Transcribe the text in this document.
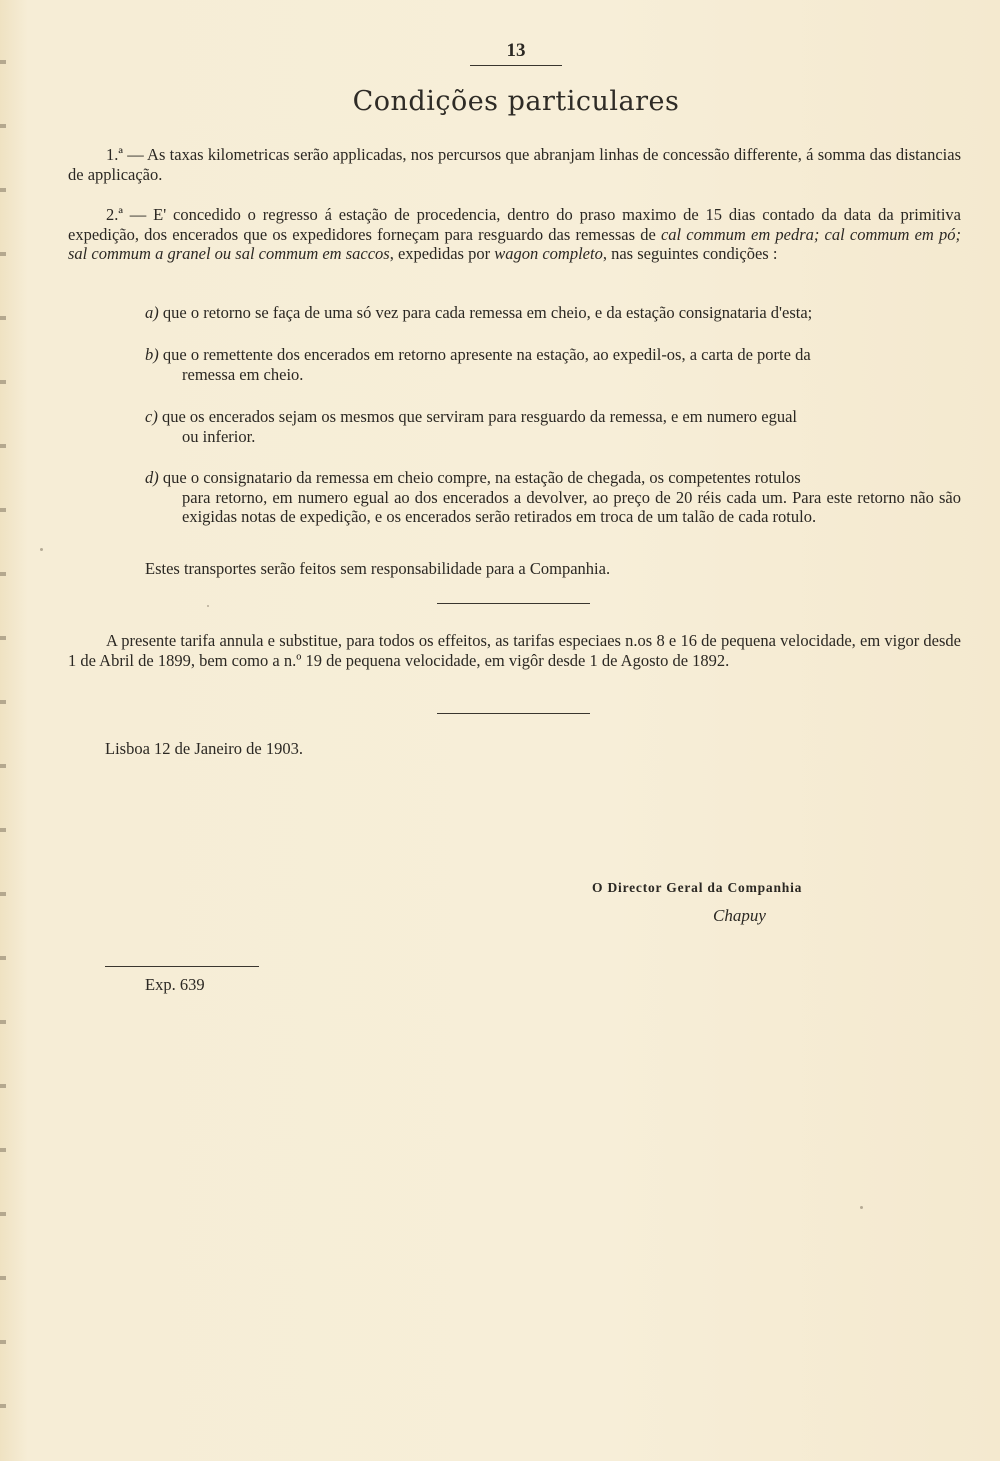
13
Condições particulares
1.ª — As taxas kilometricas serão applicadas, nos percursos que abranjam linhas de concessão differente, á somma das distancias de applicação.
2.ª — E' concedido o regresso á estação de procedencia, dentro do praso maximo de 15 dias contado da data da primitiva expedição, dos encerados que os expedidores forneçam para resguardo das remessas de cal commum em pedra; cal commum em pó; sal commum a granel ou sal commum em saccos, expedidas por wagon completo, nas seguintes condições :
a) que o retorno se faça de uma só vez para cada remessa em cheio, e da estação consignataria d'esta;
b) que o remettente dos encerados em retorno apresente na estação, ao expedil-os, a carta de porte da
remessa em cheio.
c) que os encerados sejam os mesmos que serviram para resguardo da remessa, e em numero egual
ou inferior.
d) que o consignatario da remessa em cheio compre, na estação de chegada, os competentes rotulos
para retorno, em numero egual ao dos encerados a devolver, ao preço de 20 réis cada um. Para este retorno não são exigidas notas de expedição, e os encerados serão retirados em troca de um talão de cada rotulo.
Estes transportes serão feitos sem responsabilidade para a Companhia.
A presente tarifa annula e substitue, para todos os effeitos, as tarifas especiaes n.os 8 e 16 de pequena velocidade, em vigor desde 1 de Abril de 1899, bem como a n.º 19 de pequena velocidade, em vigôr desde 1 de Agosto de 1892.
Lisboa 12 de Janeiro de 1903.
O Director Geral da Companhia
Chapuy
Exp. 639
